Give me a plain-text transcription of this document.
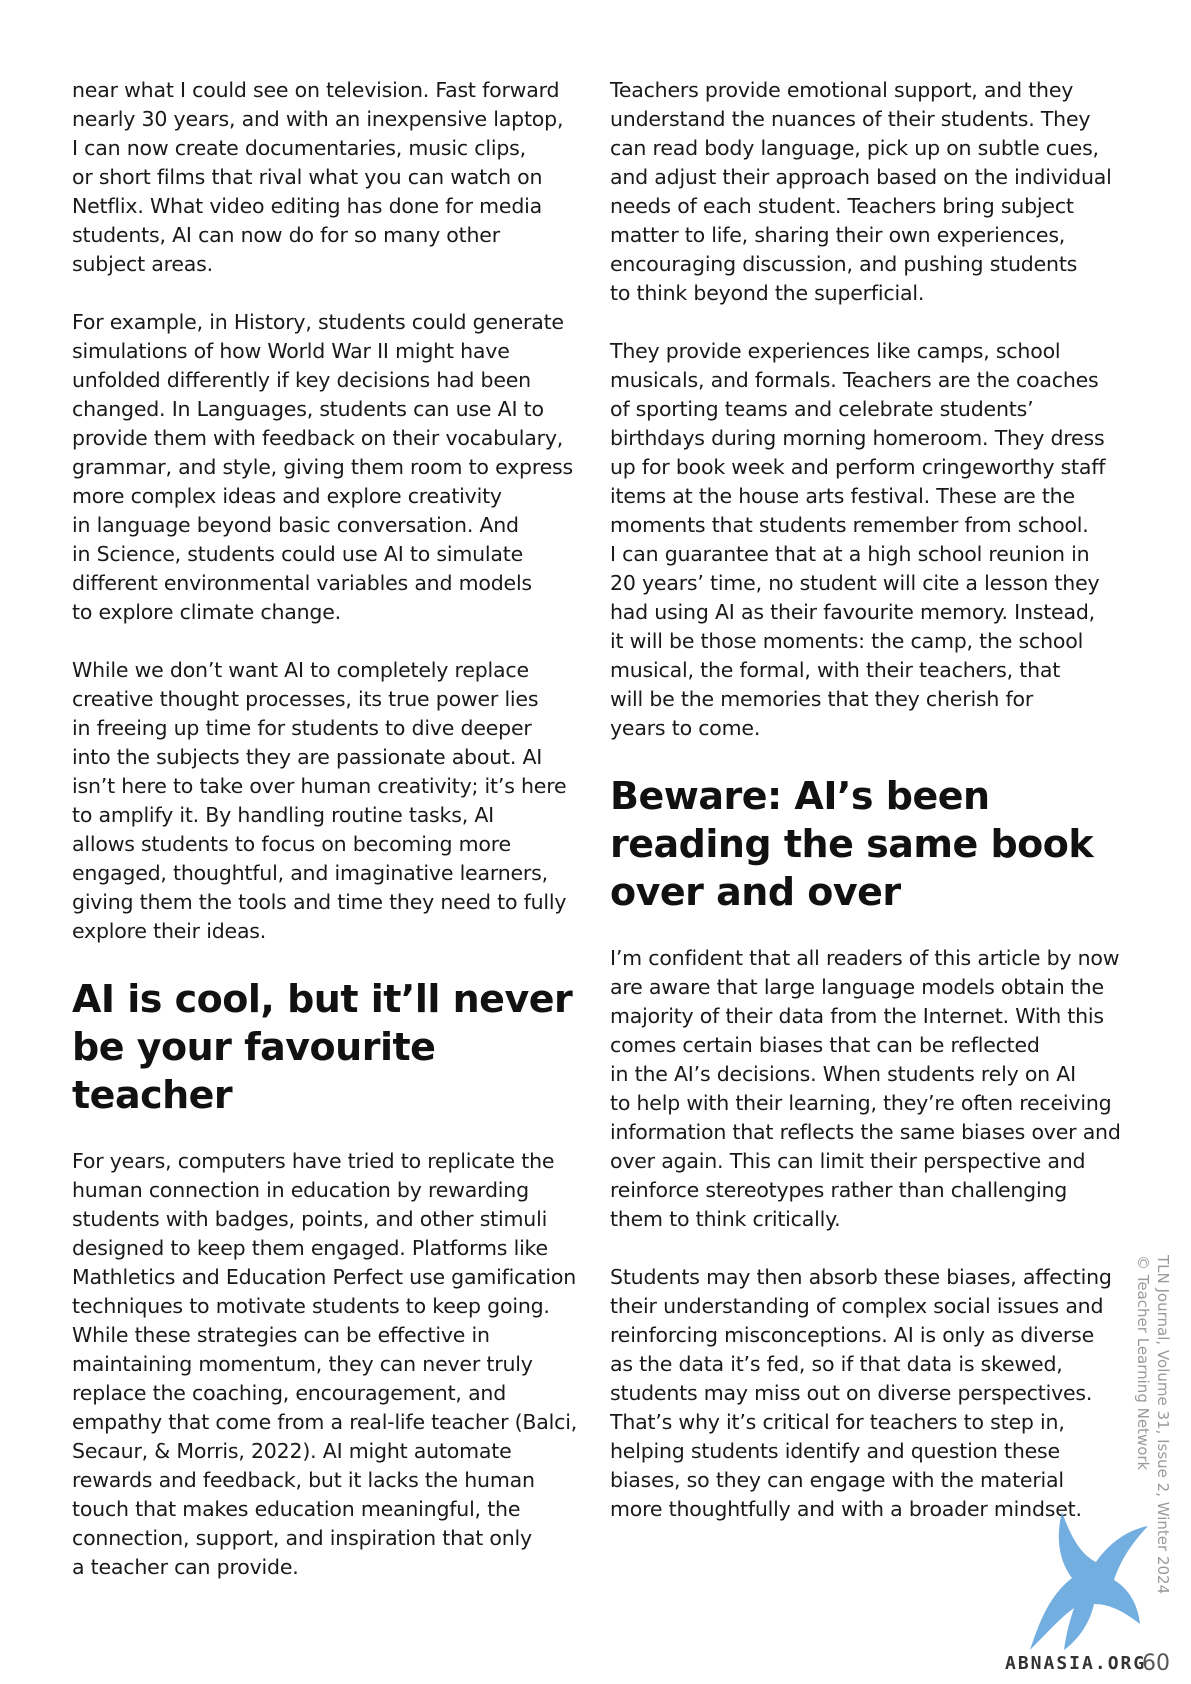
near what I could see on television. Fast forward
nearly 30 years, and with an inexpensive laptop,
I can now create documentaries, music clips,
or short films that rival what you can watch on
Netflix. What video editing has done for media
students, AI can now do for so many other
subject areas.

For example, in History, students could generate
simulations of how World War II might have
unfolded differently if key decisions had been
changed. In Languages, students can use AI to
provide them with feedback on their vocabulary,
grammar, and style, giving them room to express
more complex ideas and explore creativity
in language beyond basic conversation. And
in Science, students could use AI to simulate
different environmental variables and models
to explore climate change.

While we don’t want AI to completely replace
creative thought processes, its true power lies
in freeing up time for students to dive deeper
into the subjects they are passionate about. AI
isn’t here to take over human creativity; it’s here
to amplify it. By handling routine tasks, AI
allows students to focus on becoming more
engaged, thoughtful, and imaginative learners,
giving them the tools and time they need to fully
explore their ideas.

AI is cool, but it’ll never
be your favourite teacher

For years, computers have tried to replicate the
human connection in education by rewarding
students with badges, points, and other stimuli
designed to keep them engaged. Platforms like
Mathletics and Education Perfect use gamification
techniques to motivate students to keep going.
While these strategies can be effective in
maintaining momentum, they can never truly
replace the coaching, encouragement, and
empathy that come from a real-life teacher (Balci,
Secaur, & Morris, 2022). AI might automate
rewards and feedback, but it lacks the human
touch that makes education meaningful, the
connection, support, and inspiration that only
a teacher can provide.

Teachers provide emotional support, and they
understand the nuances of their students. They
can read body language, pick up on subtle cues,
and adjust their approach based on the individual
needs of each student. Teachers bring subject
matter to life, sharing their own experiences,
encouraging discussion, and pushing students
to think beyond the superficial.

They provide experiences like camps, school
musicals, and formals. Teachers are the coaches
of sporting teams and celebrate students’
birthdays during morning homeroom. They dress
up for book week and perform cringeworthy staff
items at the house arts festival. These are the
moments that students remember from school.
I can guarantee that at a high school reunion in
20 years’ time, no student will cite a lesson they
had using AI as their favourite memory. Instead,
it will be those moments: the camp, the school
musical, the formal, with their teachers, that
will be the memories that they cherish for
years to come.

Beware: AI’s been
reading the same book
over and over

I’m confident that all readers of this article by now
are aware that large language models obtain the
majority of their data from the Internet. With this
comes certain biases that can be reflected
in the AI’s decisions. When students rely on AI
to help with their learning, they’re often receiving
information that reflects the same biases over and
over again. This can limit their perspective and
reinforce stereotypes rather than challenging
them to think critically.

Students may then absorb these biases, affecting
their understanding of complex social issues and
reinforcing misconceptions. AI is only as diverse
as the data it’s fed, so if that data is skewed,
students may miss out on diverse perspectives.
That’s why it’s critical for teachers to step in,
helping students identify and question these
biases, so they can engage with the material
more thoughtfully and with a broader mindset.	TLN Journal, Volume 31, Issue 2, Winter 2024
© Teacher Learning Network
ABNASIA.ORG
60
